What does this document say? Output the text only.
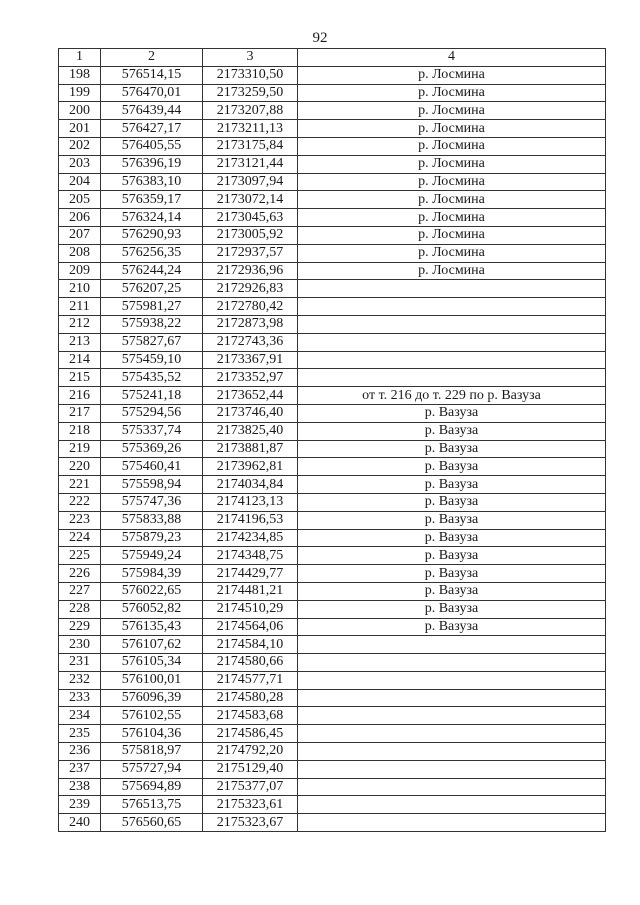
92
1	2	3	4
198	576514,15	2173310,50	р. Лосмина
199	576470,01	2173259,50	р. Лосмина
200	576439,44	2173207,88	р. Лосмина
201	576427,17	2173211,13	р. Лосмина
202	576405,55	2173175,84	р. Лосмина
203	576396,19	2173121,44	р. Лосмина
204	576383,10	2173097,94	р. Лосмина
205	576359,17	2173072,14	р. Лосмина
206	576324,14	2173045,63	р. Лосмина
207	576290,93	2173005,92	р. Лосмина
208	576256,35	2172937,57	р. Лосмина
209	576244,24	2172936,96	р. Лосмина
210	576207,25	2172926,83	
211	575981,27	2172780,42	
212	575938,22	2172873,98	
213	575827,67	2172743,36	
214	575459,10	2173367,91	
215	575435,52	2173352,97	
216	575241,18	2173652,44	от т. 216 до т. 229 по р. Вазуза
217	575294,56	2173746,40	р. Вазуза
218	575337,74	2173825,40	р. Вазуза
219	575369,26	2173881,87	р. Вазуза
220	575460,41	2173962,81	р. Вазуза
221	575598,94	2174034,84	р. Вазуза
222	575747,36	2174123,13	р. Вазуза
223	575833,88	2174196,53	р. Вазуза
224	575879,23	2174234,85	р. Вазуза
225	575949,24	2174348,75	р. Вазуза
226	575984,39	2174429,77	р. Вазуза
227	576022,65	2174481,21	р. Вазуза
228	576052,82	2174510,29	р. Вазуза
229	576135,43	2174564,06	р. Вазуза
230	576107,62	2174584,10	
231	576105,34	2174580,66	
232	576100,01	2174577,71	
233	576096,39	2174580,28	
234	576102,55	2174583,68	
235	576104,36	2174586,45	
236	575818,97	2174792,20	
237	575727,94	2175129,40	
238	575694,89	2175377,07	
239	576513,75	2175323,61	
240	576560,65	2175323,67	
